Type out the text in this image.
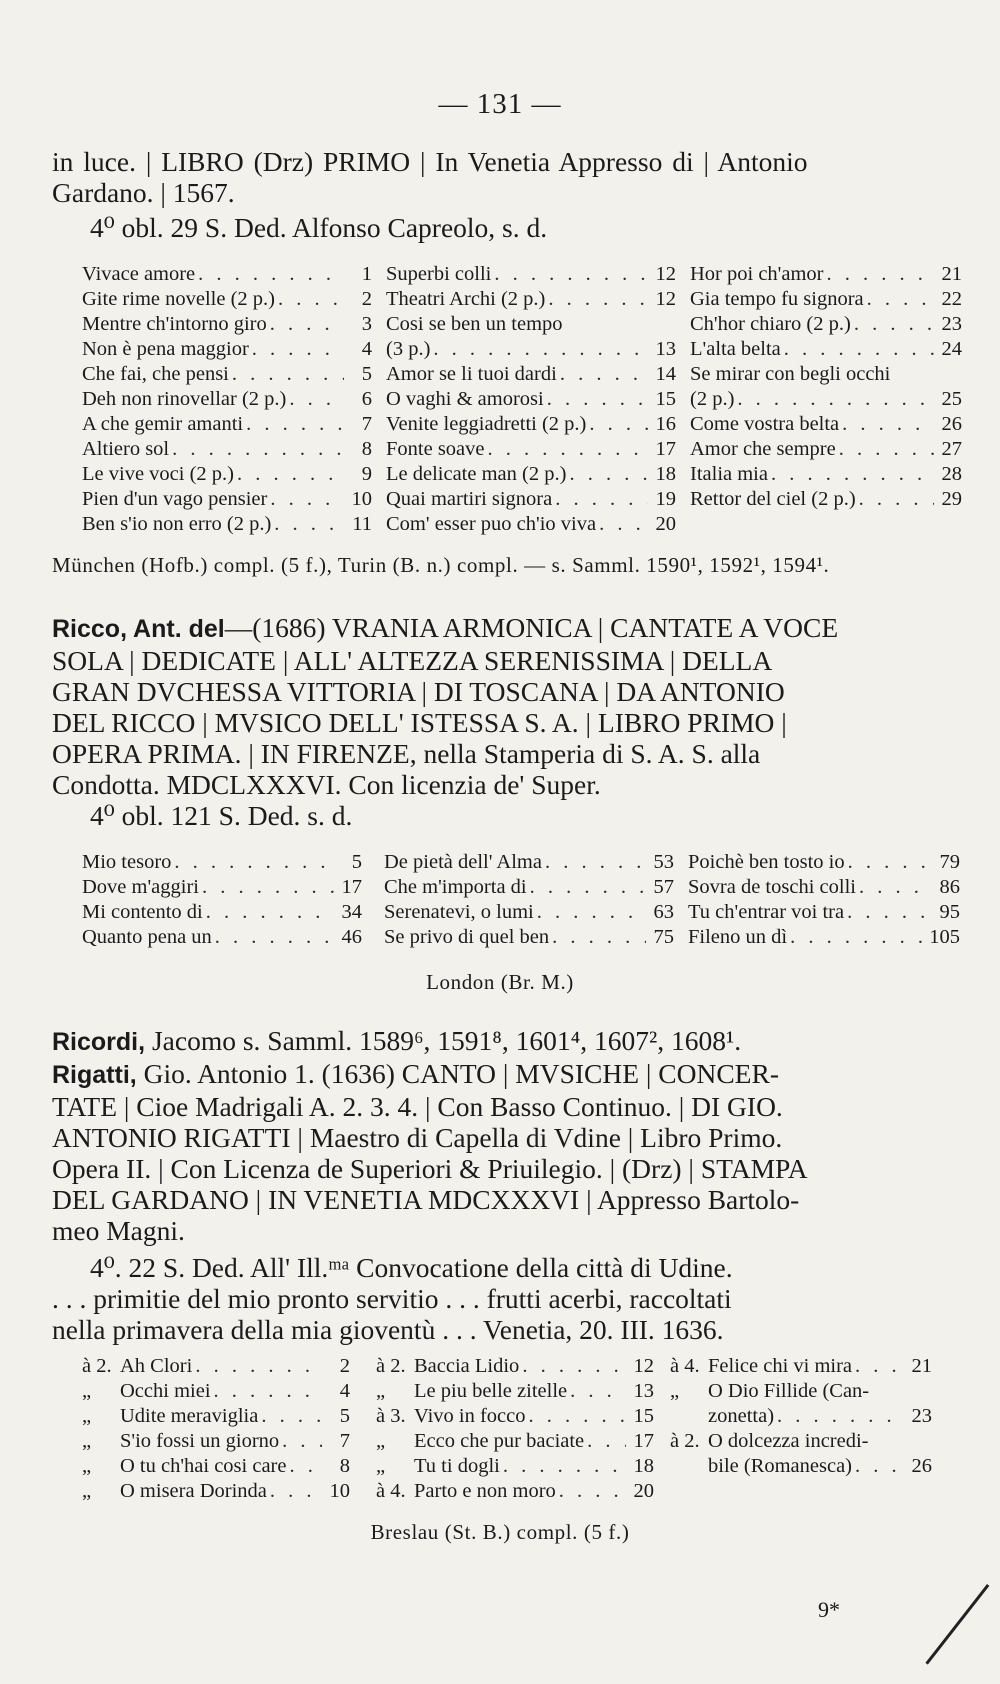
— 131 —
in luce. | LIBRO (Drz) PRIMO | In Venetia Appresso di | Antonio
Gardano. | 1567.
4⁰ obl. 29 S. Ded. Alfonso Capreolo, s. d.
Vivace amore . . .	1
Gite rime novelle (2 p.) . . .	2
Mentre ch'intorno giro . . .	3
Non è pena maggior . . .	4
Che fai, che pensi . . .	5
Deh non rinovellar (2 p.) . . .	6
A che gemir amanti . . .	7
Altiero sol . . .	8
Le vive voci (2 p.) . . .	9
Pien d'un vago pensier . . .	10
Ben s'io non erro (2 p.) . . .	11
Superbi colli . . .	12
Theatri Archi (2 p.) . . .	12
Cosi se ben un tempo
(3 p.) . . .	13
Amor se li tuoi dardi . . .	14
O vaghi & amorosi . . .	15
Venite leggiadretti (2 p.) . . .	16
Fonte soave . . .	17
Le delicate man (2 p.) . . .	18
Quai martiri signora . . .	19
Com' esser puo ch'io viva . . .	20
Hor poi ch'amor . . .	21
Gia tempo fu signora . . .	22
Ch'hor chiaro (2 p.) . . .	23
L'alta belta . . .	24
Se mirar con begli occhi
(2 p.) . . .	25
Come vostra belta . . .	26
Amor che sempre . . .	27
Italia mia . . .	28
Rettor del ciel (2 p.) . . .	29
München (Hofb.) compl. (5 f.), Turin (B. n.) compl. — s. Samml. 1590¹, 1592¹, 1594¹.
Ricco, Ant. del—(1686) VRANIA ARMONICA | CANTATE A VOCE
SOLA | DEDICATE | ALL' ALTEZZA SERENISSIMA | DELLA
GRAN DVCHESSA VITTORIA | DI TOSCANA | DA ANTONIO
DEL RICCO | MVSICO DELL' ISTESSA S. A. | LIBRO PRIMO |
OPERA PRIMA. | IN FIRENZE, nella Stamperia di S. A. S. alla
Condotta. MDCLXXXVI. Con licenzia de' Super.
4⁰ obl. 121 S. Ded. s. d.
Mio tesoro . . .	5
Dove m'aggiri . . .	17
Mi contento di . . .	34
Quanto pena un . . .	46
De pietà dell' Alma . . .	53
Che m'importa di . . .	57
Serenatevi, o lumi . . .	63
Se privo di quel ben . . .	75
Poichè ben tosto io . . .	79
Sovra de toschi colli . . .	86
Tu ch'entrar voi tra . . .	95
Fileno un dì . . .	105
London (Br. M.)
Ricordi, Jacomo s. Samml. 1589⁶, 1591⁸, 1601⁴, 1607², 1608¹.
Rigatti, Gio. Antonio 1. (1636) CANTO | MVSICHE | CONCER-
TATE | Cioe Madrigali A. 2. 3. 4. | Con Basso Continuo. | DI GIO.
ANTONIO RIGATTI | Maestro di Capella di Vdine | Libro Primo.
Opera II. | Con Licenza de Superiori & Priuilegio. | (Drz) | STAMPA
DEL GARDANO | IN VENETIA MDCXXXVI | Appresso Bartolo-
meo Magni.
4⁰. 22 S. Ded. All' Ill.ᵐᵃ Convocatione della città di Udine.
. . . primitie del mio pronto servitio . . . frutti acerbi, raccoltati
nella primavera della mia gioventù . . . Venetia, 20. III. 1636.
à 2. Ah Clori . . .	2
„	Occhi miei . . .	4
„	Udite meraviglia . . .	5
„	S'io fossi un giorno . . .	7
„	O tu ch'hai cosi care . . .	8
„	O misera Dorinda . . .	10
à 2. Baccia Lidio . . .	12
„	Le piu belle zitelle . . .	13
à 3. Vivo in focco . . .	15
„	Ecco che pur baciate . . .	17
„	Tu ti dogli . . .	18
à 4. Parto e non moro . . .	20
à 4. Felice chi vi mira . . .	21
„	O Dio Fillide (Can-
zonetta) . . .	23
à 2. O dolcezza incredi-
bile (Romanesca) . . .	26
Breslau (St. B.) compl. (5 f.)
9*
